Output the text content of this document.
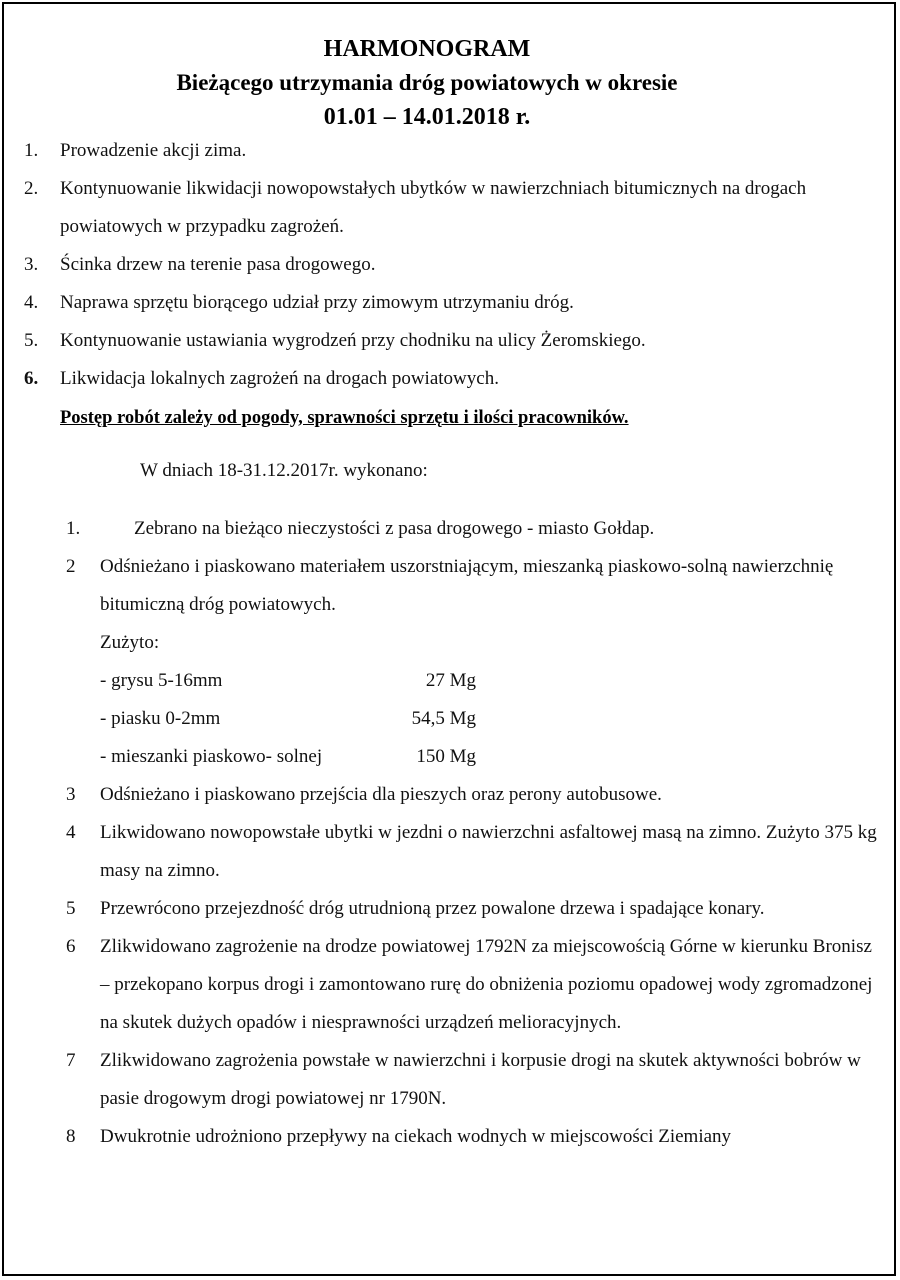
HARMONOGRAM
Bieżącego utrzymania dróg powiatowych w okresie
01.01 – 14.01.2018 r.
1. Prowadzenie akcji zima.
2. Kontynuowanie likwidacji nowopowstałych ubytków w nawierzchniach bitumicznych na drogach powiatowych w przypadku zagrożeń.
3. Ścinka drzew na terenie pasa drogowego.
4. Naprawa sprzętu biorącego udział przy zimowym utrzymaniu dróg.
5. Kontynuowanie ustawiania wygrodzeń przy chodniku na ulicy Żeromskiego.
6. Likwidacja lokalnych zagrożeń na drogach powiatowych.
Postęp robót zależy od pogody, sprawności sprzętu i ilości pracowników.
W dniach 18-31.12.2017r. wykonano:
1.	Zebrano na bieżąco nieczystości z pasa drogowego - miasto Gołdap.
2 Odśnieżano i piaskowano materiałem uszorstniającym, mieszanką piaskowo-solną nawierzchnię bitumiczną dróg powiatowych.
Zużyto:
- grysu 5-16mm	27 Mg
- piasku 0-2mm	54,5 Mg
- mieszanki piaskowo- solnej	150 Mg
3 Odśnieżano i piaskowano przejścia dla pieszych oraz perony autobusowe.
4 Likwidowano nowopowstałe ubytki w jezdni o nawierzchni asfaltowej masą na zimno. Zużyto 375 kg masy na zimno.
5 Przewrócono przejezdność dróg utrudnioną przez powalone drzewa i spadające konary.
6 Zlikwidowano zagrożenie na drodze powiatowej 1792N za miejscowością Górne w kierunku Bronisz – przekopano korpus drogi i zamontowano rurę do obniżenia poziomu opadowej wody zgromadzonej na skutek dużych opadów i niesprawności urządzeń melioracyjnych.
7 Zlikwidowano zagrożenia powstałe w nawierzchni i korpusie drogi na skutek aktywności bobrów w pasie drogowym drogi powiatowej nr 1790N.
8 Dwukrotnie udrożniono przepływy na ciekach wodnych w miejscowości Ziemiany
